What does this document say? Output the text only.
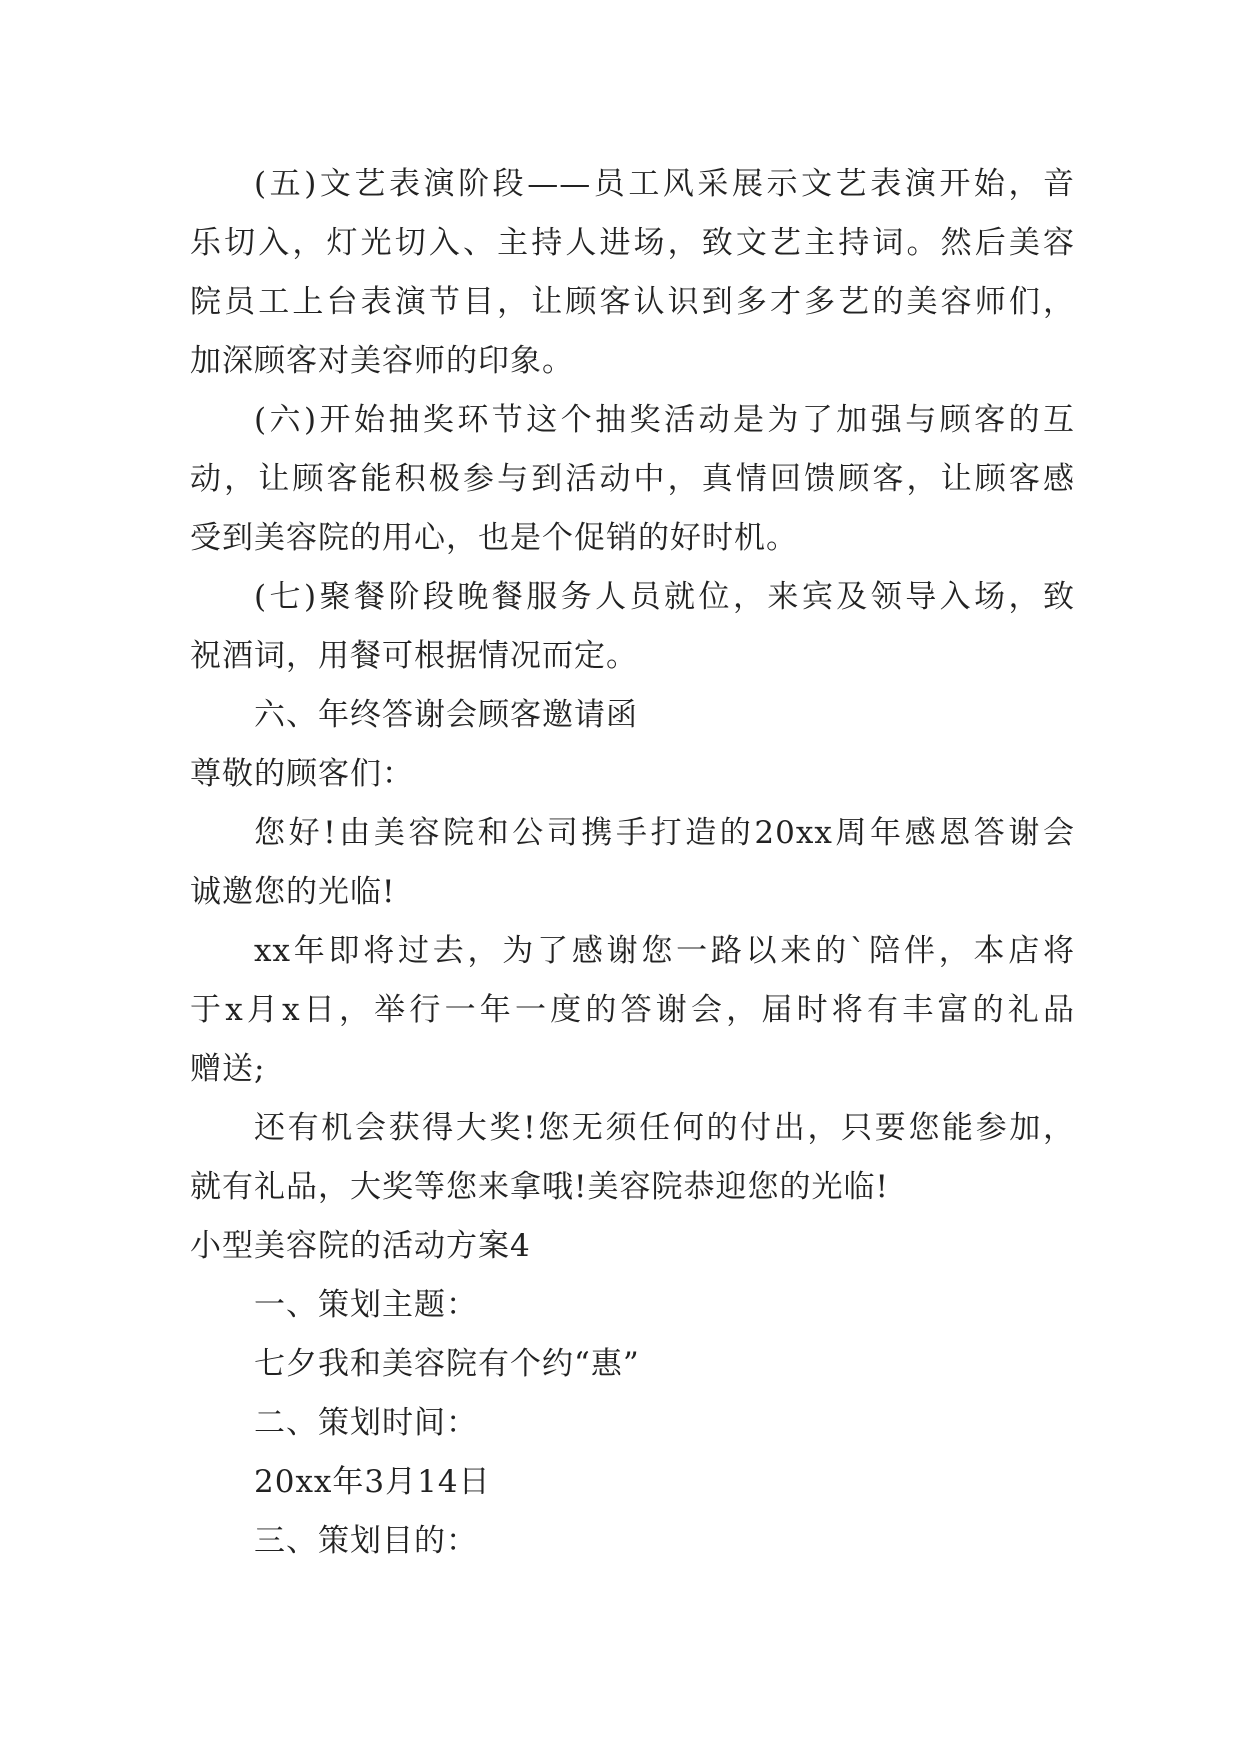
(五)文艺表演阶段——员工风采展示文艺表演开始，音
乐切入，灯光切入、主持人进场，致文艺主持词。然后美容
院员工上台表演节目，让顾客认识到多才多艺的美容师们，
加深顾客对美容师的印象。
(六)开始抽奖环节这个抽奖活动是为了加强与顾客的互
动，让顾客能积极参与到活动中，真情回馈顾客，让顾客感
受到美容院的用心，也是个促销的好时机。
(七)聚餐阶段晚餐服务人员就位，来宾及领导入场，致
祝酒词，用餐可根据情况而定。
六、年终答谢会顾客邀请函
尊敬的顾客们：
您好!由美容院和公司携手打造的20xx周年感恩答谢会
诚邀您的光临!
xx年即将过去，为了感谢您一路以来的`陪伴，本店将
于x月x日，举行一年一度的答谢会，届时将有丰富的礼品
赠送;
还有机会获得大奖!您无须任何的付出，只要您能参加，
就有礼品，大奖等您来拿哦!美容院恭迎您的光临!
小型美容院的活动方案4
一、策划主题：
七夕我和美容院有个约“惠”
二、策划时间：
20xx年3月14日
三、策划目的：
